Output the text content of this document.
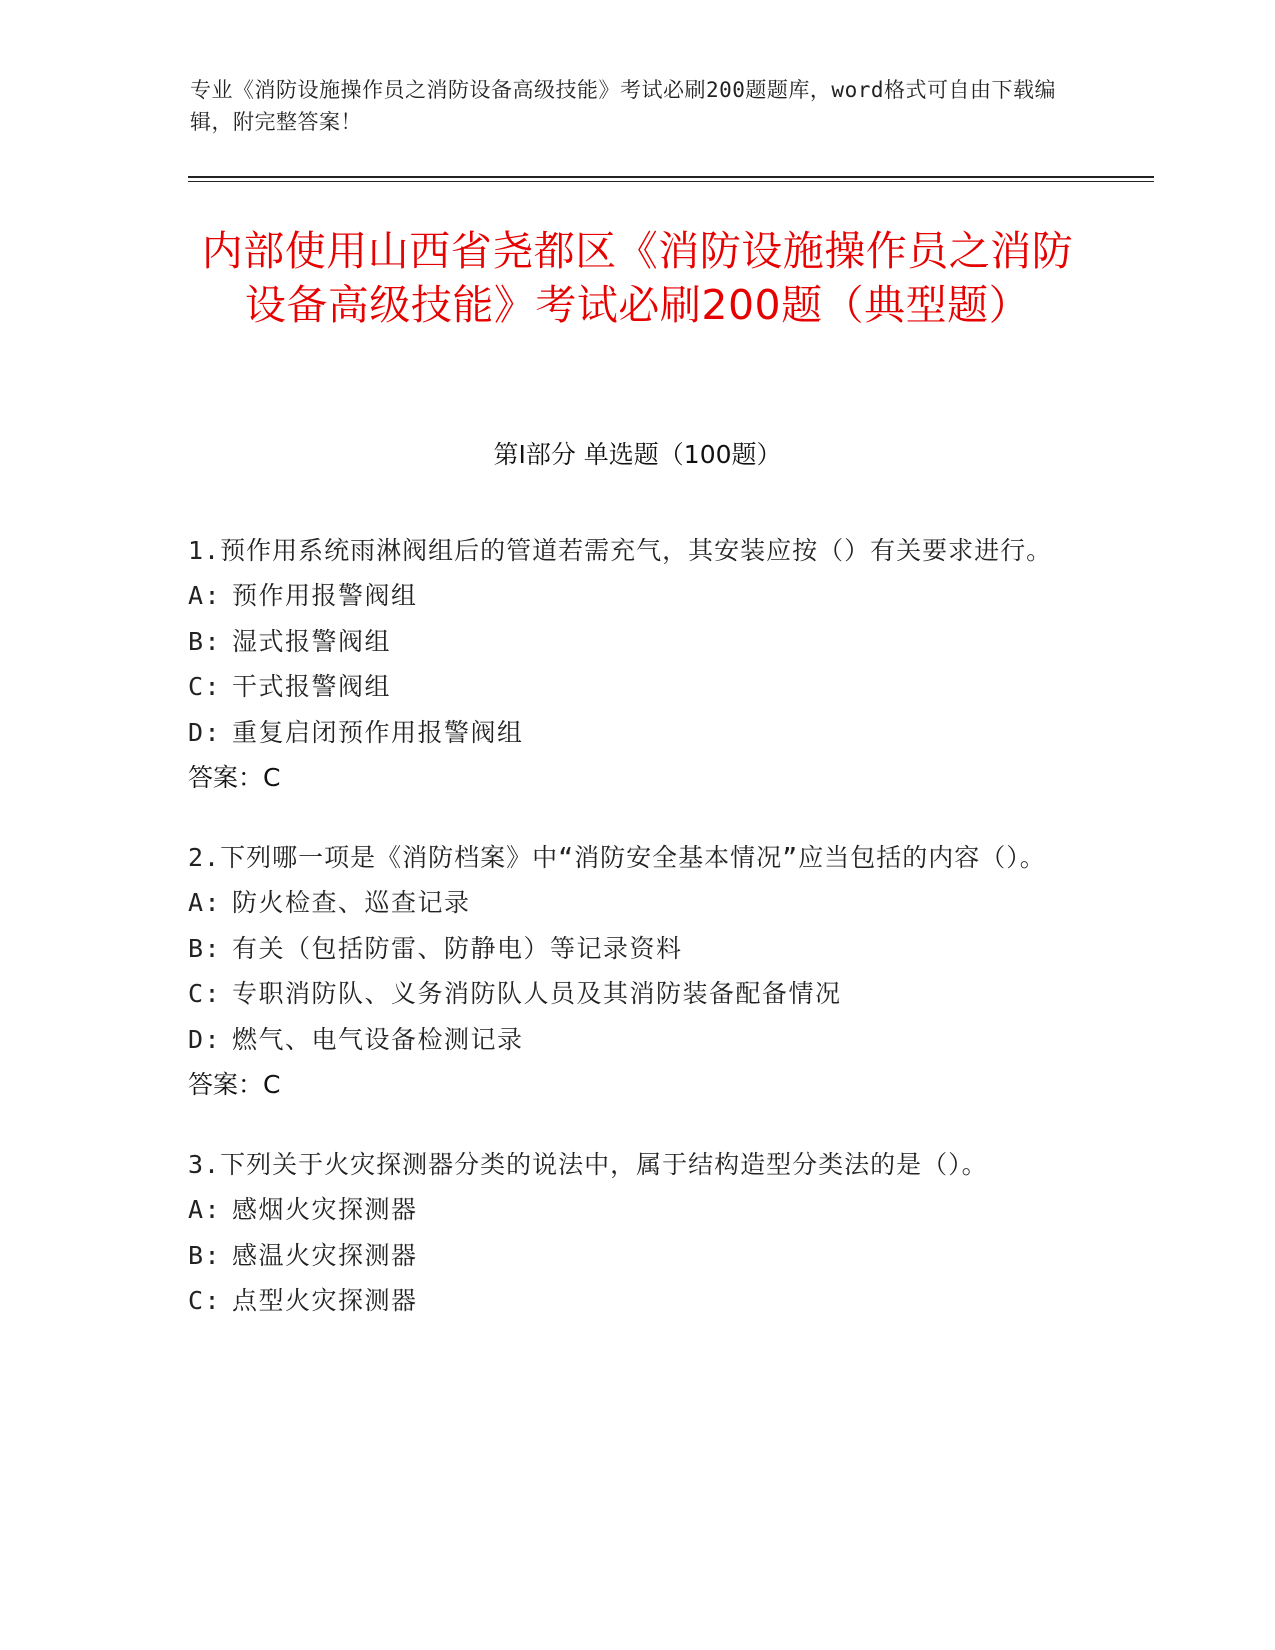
专业《消防设施操作员之消防设备高级技能》考试必刷200题题库，word格式可自由下载编辑，附完整答案！
内部使用山西省尧都区《消防设施操作员之消防设备高级技能》考试必刷200题（典型题）
第Ⅰ部分 单选题（100题）
1.预作用系统雨淋阀组后的管道若需充气，其安装应按（）有关要求进行。
A: 预作用报警阀组
B: 湿式报警阀组
C: 干式报警阀组
D: 重复启闭预作用报警阀组
答案：C
2.下列哪一项是《消防档案》中“消防安全基本情况”应当包括的内容（）。
A: 防火检查、巡查记录
B: 有关（包括防雷、防静电）等记录资料
C: 专职消防队、义务消防队人员及其消防装备配备情况
D: 燃气、电气设备检测记录
答案：C
3.下列关于火灾探测器分类的说法中，属于结构造型分类法的是（）。
A: 感烟火灾探测器
B: 感温火灾探测器
C: 点型火灾探测器
